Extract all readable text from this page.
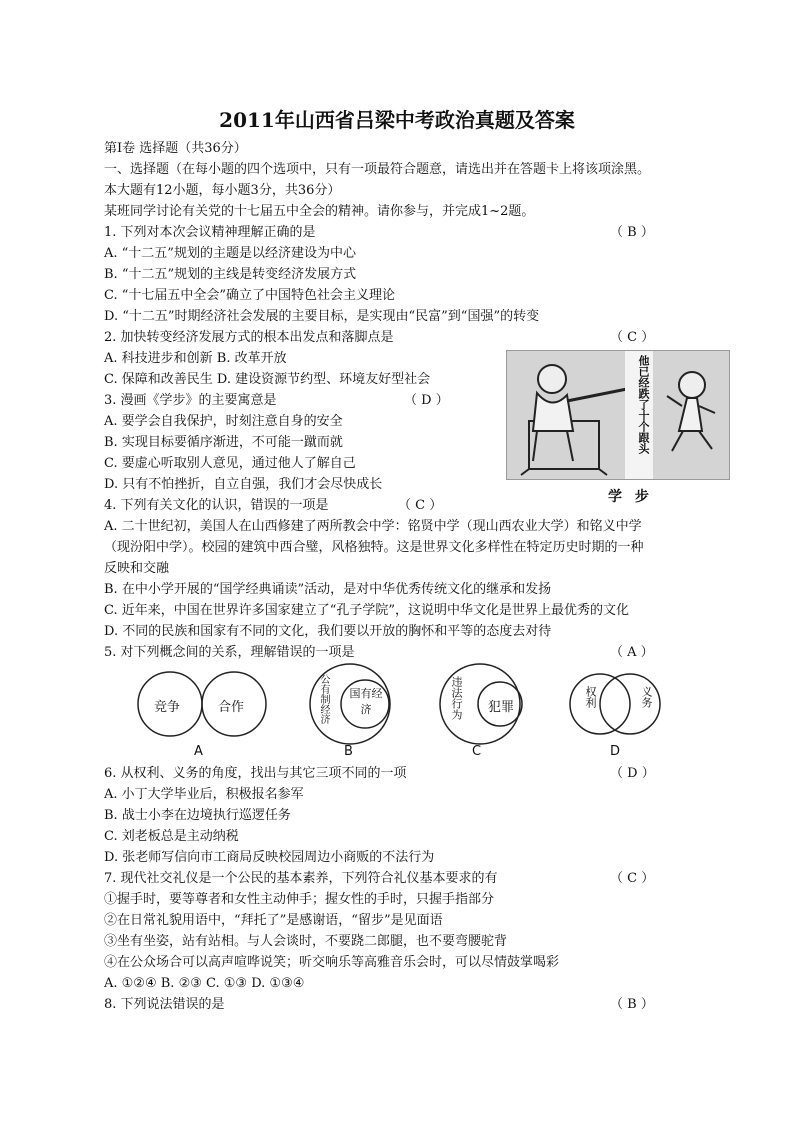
2011年山西省吕梁中考政治真题及答案
第Ⅰ卷 选择题（共36分）
一、选择题（在每小题的四个选项中，只有一项最符合题意，请选出并在答题卡上将该项涂黑。
本大题有12小题，每小题3分，共36分）
某班同学讨论有关党的十七届五中全会的精神。请你参与，并完成1~2题。
1. 下列对本次会议精神理解正确的是	（ B ）
A. “十二五”规划的主题是以经济建设为中心
B. “十二五”规划的主线是转变经济发展方式
C. “十七届五中全会”确立了中国特色社会主义理论
D. “十二五”时期经济社会发展的主要目标，是实现由“民富”到“国强”的转变
2. 加快转变经济发展方式的根本出发点和落脚点是	（ C ）
A. 科技进步和创新 B. 改革开放
C. 保障和改善民生 D. 建设资源节约型、环境友好型社会
3. 漫画《学步》的主要寓意是	（ D ）
A. 要学会自我保护，时刻注意自身的安全
B. 实现目标要循序渐进，不可能一蹴而就
C. 要虚心听取别人意见，通过他人了解自己
D. 只有不怕挫折，自立自强，我们才会尽快成长
4. 下列有关文化的认识，错误的一项是	（ C ）
A. 二十世纪初，美国人在山西修建了两所教会中学：铭贤中学（现山西农业大学）和铭义中学
（现汾阳中学）。校园的建筑中西合璧，风格独特。这是世界文化多样性在特定历史时期的一种
反映和交融
B. 在中小学开展的“国学经典诵读”活动，是对中华优秀传统文化的继承和发扬
C. 近年来，中国在世界许多国家建立了“孔子学院”，这说明中华文化是世界上最优秀的文化
D. 不同的民族和国家有不同的文化，我们要以开放的胸怀和平等的态度去对待
5. 对下列概念间的关系，理解错误的一项是	（ A ）
他已经跌了十个跟头
学 步
竞争	合作
A
公有制经济 国有经济
B
违法行为 犯罪
C
权利	义务
D
6. 从权利、义务的角度，找出与其它三项不同的一项	（ D ）
A. 小丁大学毕业后，积极报名参军
B. 战士小李在边境执行巡逻任务
C. 刘老板总是主动纳税
D. 张老师写信向市工商局反映校园周边小商贩的不法行为
7. 现代社交礼仪是一个公民的基本素养，下列符合礼仪基本要求的有	（ C ）
①握手时，要等尊者和女性主动伸手；握女性的手时，只握手指部分
②在日常礼貌用语中，“拜托了”是感谢语，“留步”是见面语
③坐有坐姿，站有站相。与人会谈时，不要跷二郎腿，也不要弯腰驼背
④在公众场合可以高声喧哗说笑；听交响乐等高雅音乐会时，可以尽情鼓掌喝彩
A. ①②④ B. ②③ C. ①③ D. ①③④
8. 下列说法错误的是	（ B ）
